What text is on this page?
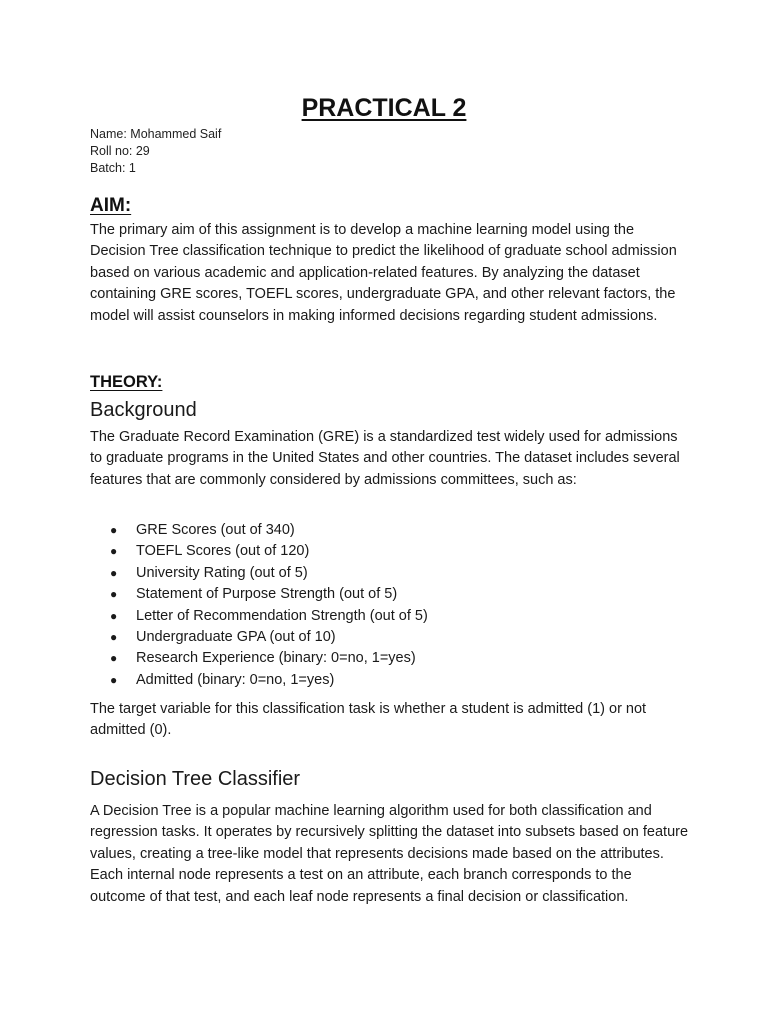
PRACTICAL 2
Name: Mohammed Saif
Roll no: 29
Batch: 1
AIM:

The primary aim of this assignment is to develop a machine learning model using the Decision Tree classification technique to predict the likelihood of graduate school admission based on various academic and application-related features. By analyzing the dataset containing GRE scores, TOEFL scores, undergraduate GPA, and other relevant factors, the model will assist counselors in making informed decisions regarding student admissions.

THEORY:
Background

The Graduate Record Examination (GRE) is a standardized test widely used for admissions to graduate programs in the United States and other countries. The dataset includes several features that are commonly considered by admissions committees, such as:

● GRE Scores (out of 340)
● TOEFL Scores (out of 120)
● University Rating (out of 5)
● Statement of Purpose Strength (out of 5)
● Letter of Recommendation Strength (out of 5)
● Undergraduate GPA (out of 10)
● Research Experience (binary: 0=no, 1=yes)
● Admitted (binary: 0=no, 1=yes)

The target variable for this classification task is whether a student is admitted (1) or not admitted (0).

Decision Tree Classifier

A Decision Tree is a popular machine learning algorithm used for both classification and regression tasks. It operates by recursively splitting the dataset into subsets based on feature values, creating a tree-like model that represents decisions made based on the attributes. Each internal node represents a test on an attribute, each branch corresponds to the outcome of that test, and each leaf node represents a final decision or classification.
